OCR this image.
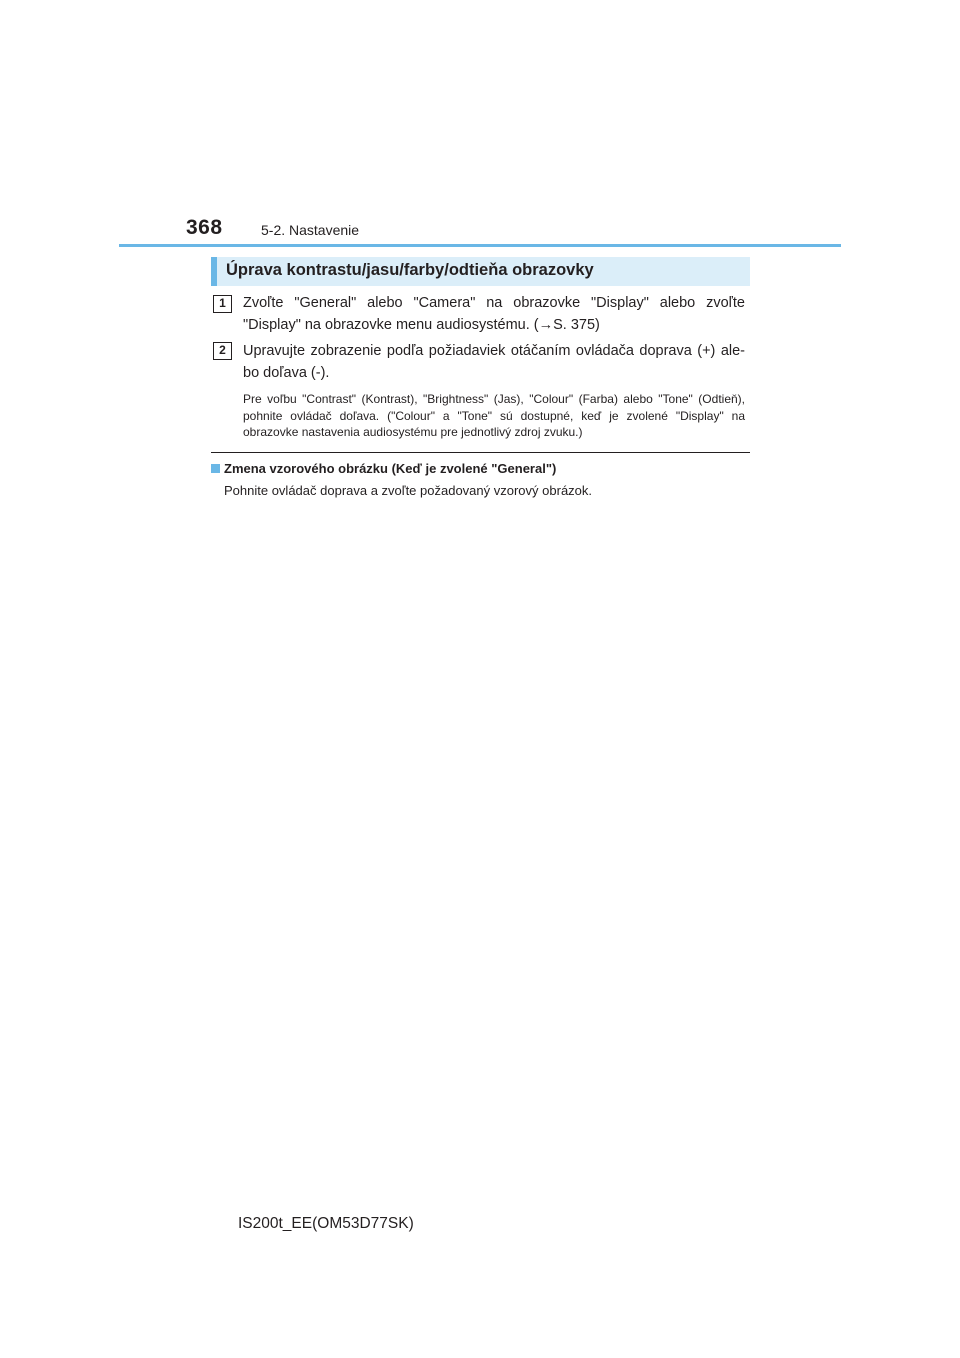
368	5-2. Nastavenie
Úprava kontrastu/jasu/farby/odtieňa obrazovky
1	Zvoľte "General" alebo "Camera" na obrazovke "Display" alebo zvoľte "Display" na obrazovke menu audiosystému. (→S. 375)
2	Upravujte zobrazenie podľa požiadaviek otáčaním ovládača doprava (+) ale- bo doľava (-).
Pre voľbu "Contrast" (Kontrast), "Brightness" (Jas), "Colour" (Farba) alebo "Tone" (Odtieň), pohnite ovládač doľava. ("Colour" a "Tone" sú dostupné, keď je zvolené "Display" na obrazovke nastavenia audiosystému pre jednotlivý zdroj zvuku.)
Zmena vzorového obrázku (Keď je zvolené "General")
Pohnite ovládač doprava a zvoľte požadovaný vzorový obrázok.
IS200t_EE(OM53D77SK)
